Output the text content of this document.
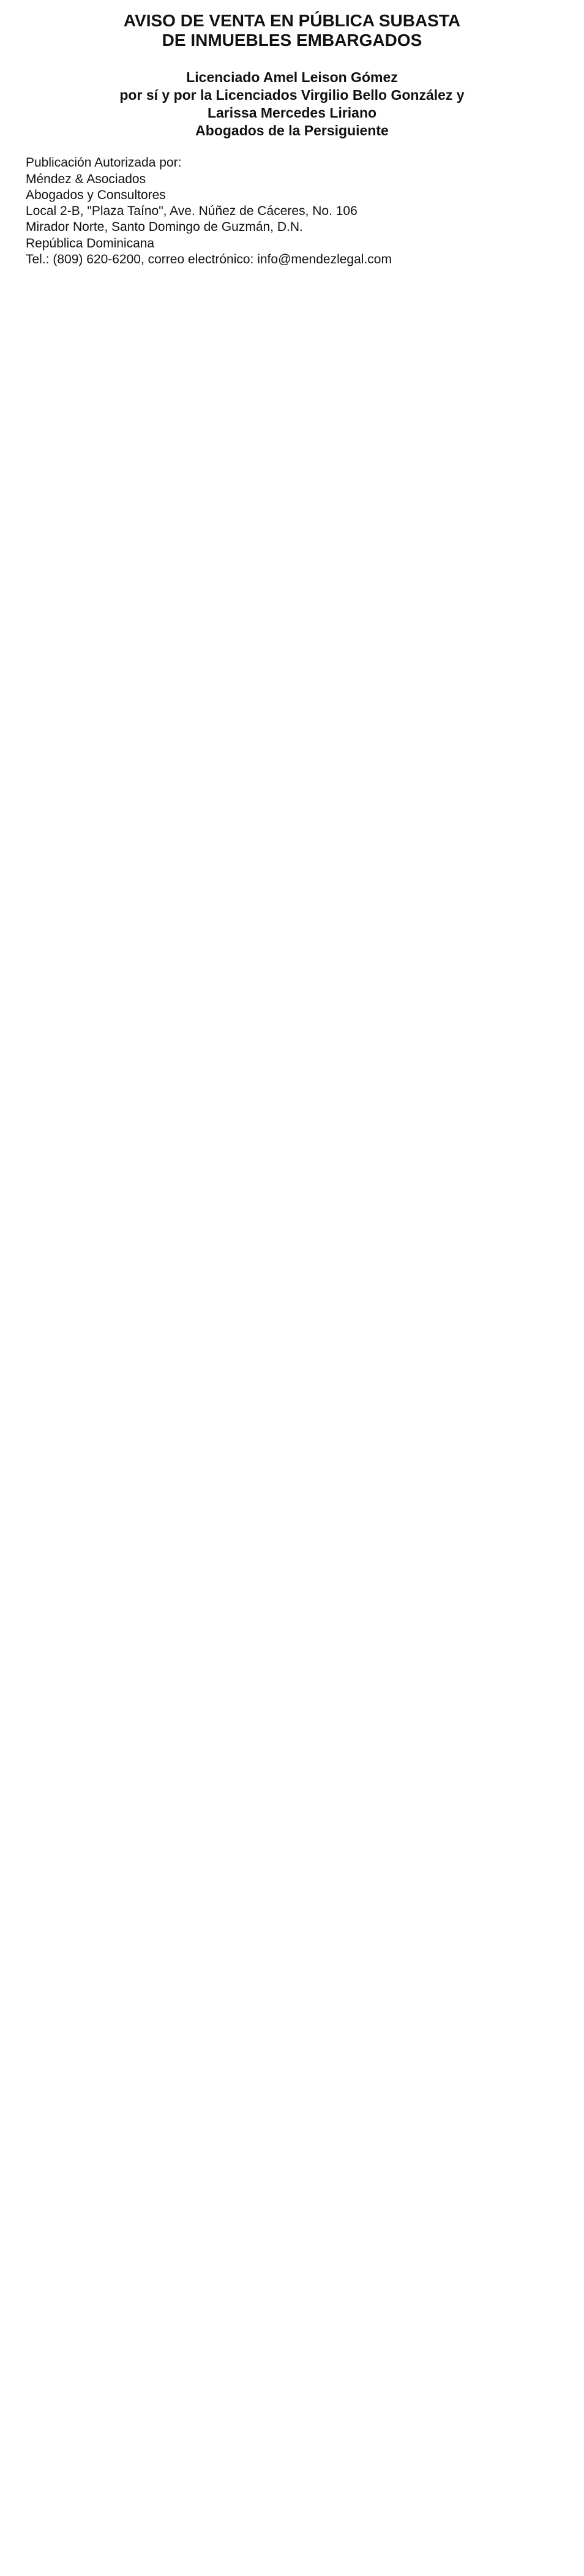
AVISO DE VENTA EN PÚBLICA SUBASTA
DE INMUEBLES EMBARGADOS
Licenciado Amel Leison Gómez
por sí y por la Licenciados Virgilio Bello González y
Larissa Mercedes Liriano
Abogados de la Persiguiente
Publicación Autorizada por:
Méndez & Asociados
Abogados y Consultores
Local 2-B, "Plaza Taíno", Ave. Núñez de Cáceres, No. 106
Mirador Norte, Santo Domingo de Guzmán, D.N.
República Dominicana
Tel.: (809) 620-6200, correo electrónico: info@mendezlegal.com
